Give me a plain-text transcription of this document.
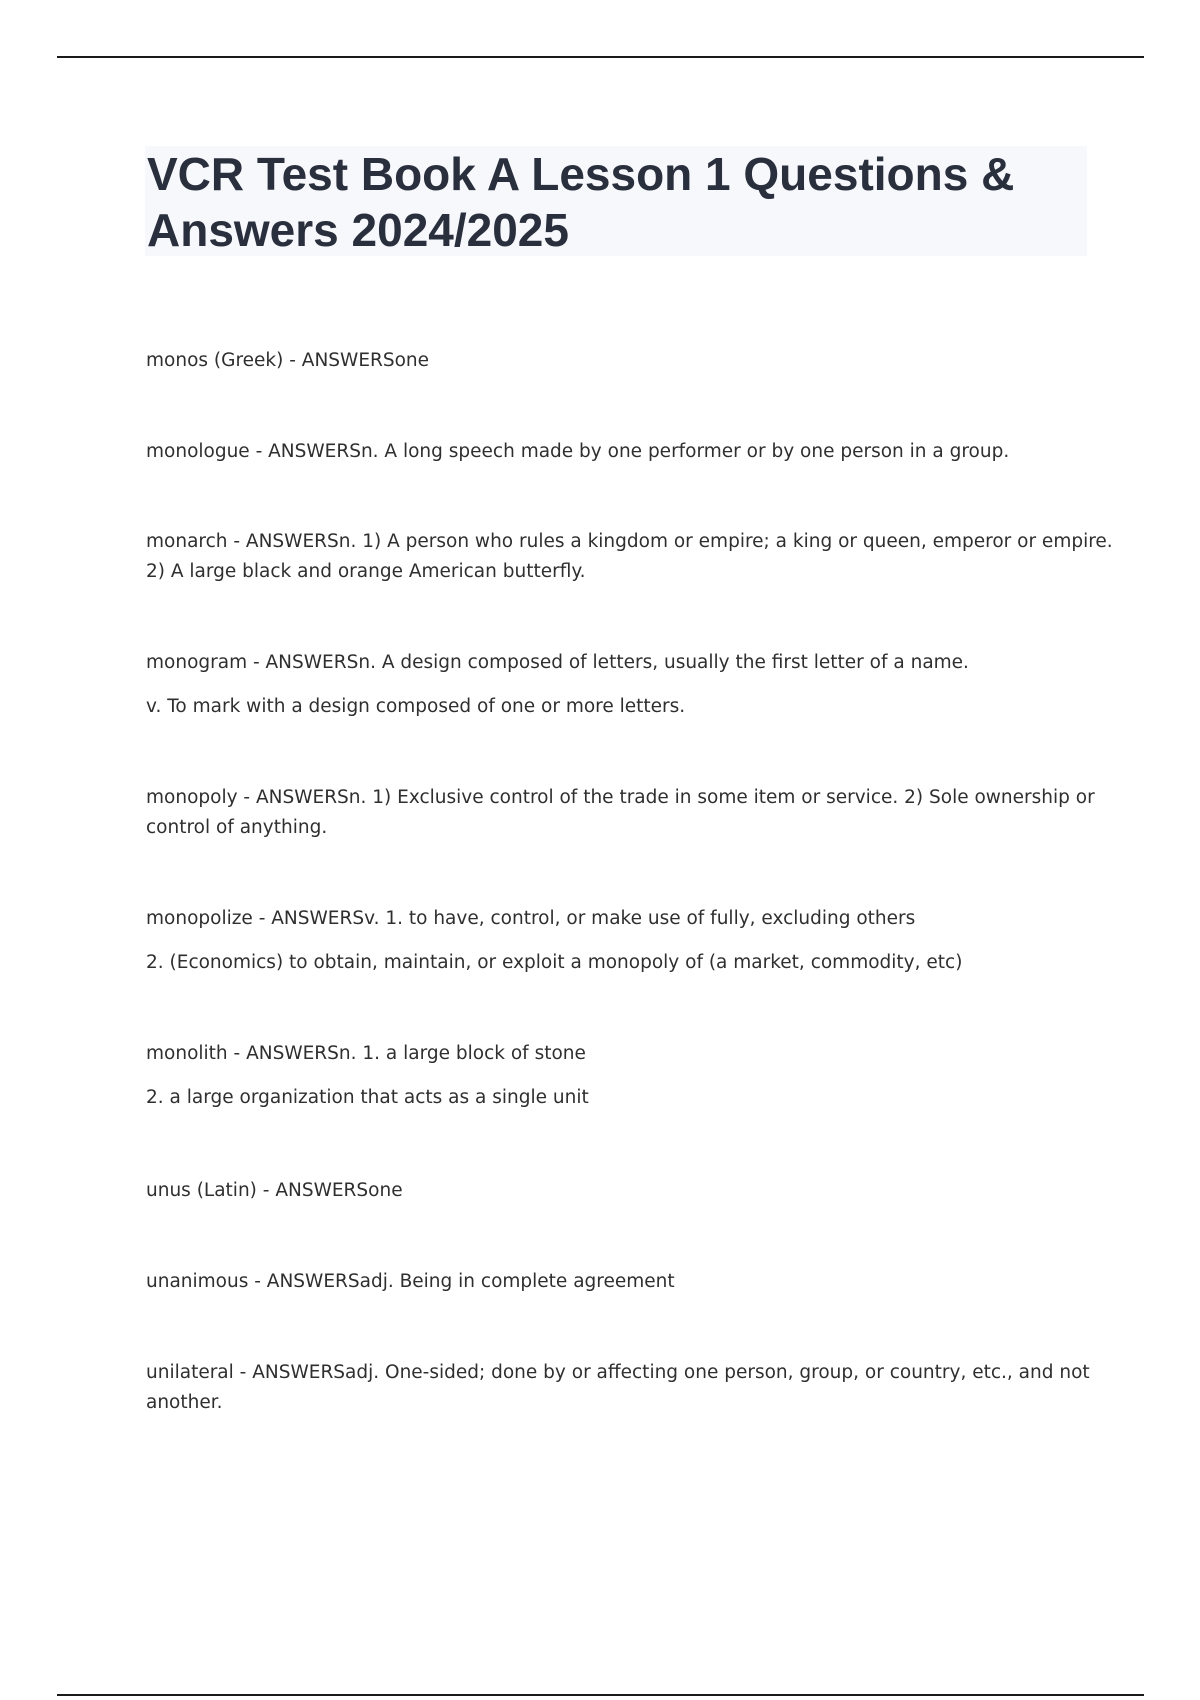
VCR Test Book A Lesson 1 Questions & Answers 2024/2025
monos (Greek) - ANSWERSone
monologue - ANSWERSn. A long speech made by one performer or by one person in a group.
monarch - ANSWERSn. 1) A person who rules a kingdom or empire; a king or queen, emperor or empire.
2) A large black and orange American butterfly.
monogram - ANSWERSn. A design composed of letters, usually the first letter of a name.
v. To mark with a design composed of one or more letters.
monopoly - ANSWERSn. 1) Exclusive control of the trade in some item or service. 2) Sole ownership or
control of anything.
monopolize - ANSWERSv. 1. to have, control, or make use of fully, excluding others
2. (Economics) to obtain, maintain, or exploit a monopoly of (a market, commodity, etc)
monolith - ANSWERSn. 1. a large block of stone
2. a large organization that acts as a single unit
unus (Latin) - ANSWERSone
unanimous - ANSWERSadj. Being in complete agreement
unilateral - ANSWERSadj. One-sided; done by or affecting one person, group, or country, etc., and not
another.
